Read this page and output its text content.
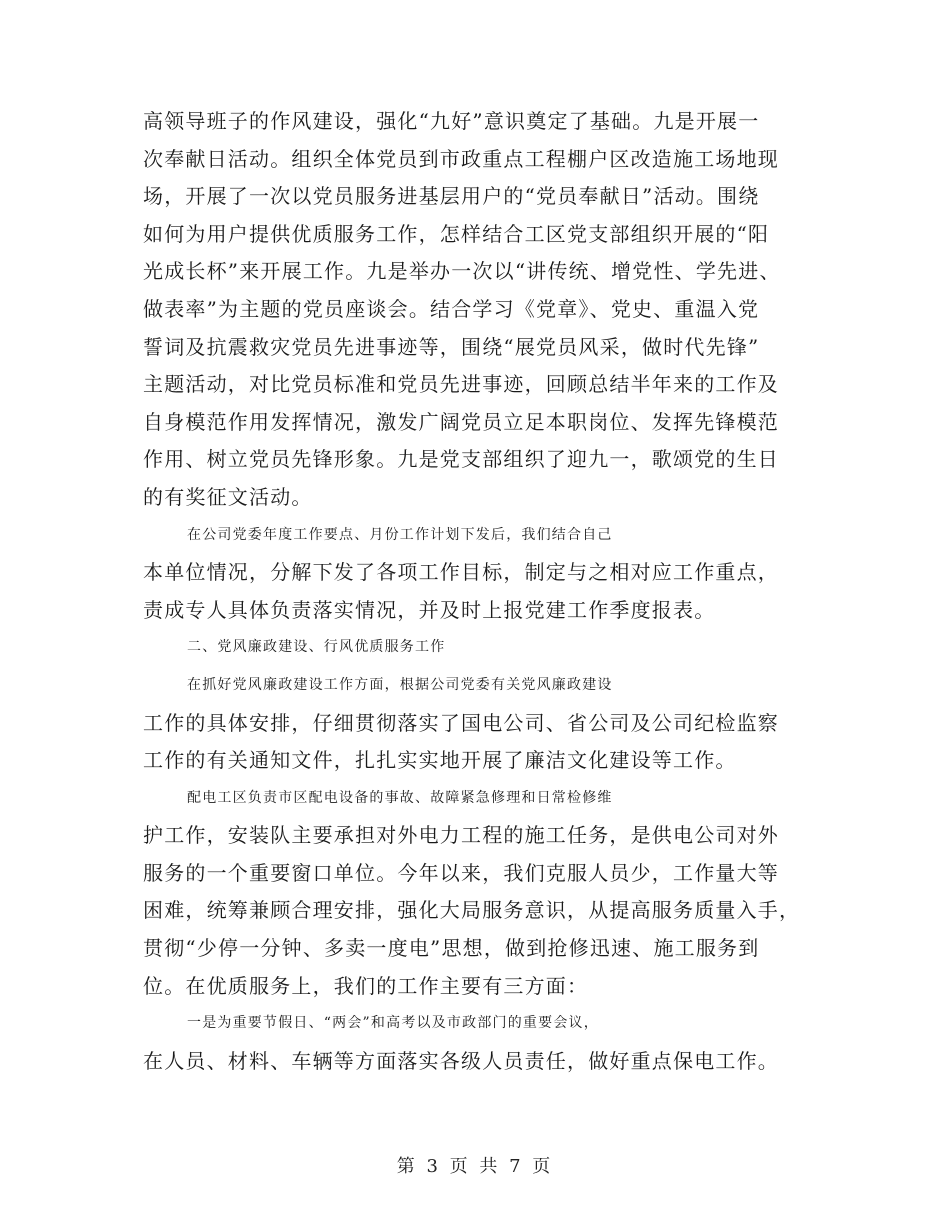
高领导班子的作风建设，强化“九好”意识奠定了基础。九是开展一
次奉献日活动。组织全体党员到市政重点工程棚户区改造施工场地现
场，开展了一次以党员服务进基层用户的“党员奉献日”活动。围绕
如何为用户提供优质服务工作，怎样结合工区党支部组织开展的“阳
光成长杯”来开展工作。九是举办一次以“讲传统、增党性、学先进、
做表率”为主题的党员座谈会。结合学习《党章》、党史、重温入党
誓词及抗震救灾党员先进事迹等，围绕“展党员风采，做时代先锋”
主题活动，对比党员标准和党员先进事迹，回顾总结半年来的工作及
自身模范作用发挥情况，激发广阔党员立足本职岗位、发挥先锋模范
作用、树立党员先锋形象。九是党支部组织了迎九一，歌颂党的生日
的有奖征文活动。
在公司党委年度工作要点、月份工作计划下发后，我们结合自己
本单位情况，分解下发了各项工作目标，制定与之相对应工作重点，
责成专人具体负责落实情况，并及时上报党建工作季度报表。
二、党风廉政建设、行风优质服务工作
在抓好党风廉政建设工作方面，根据公司党委有关党风廉政建设
工作的具体安排，仔细贯彻落实了国电公司、省公司及公司纪检监察
工作的有关通知文件，扎扎实实地开展了廉洁文化建设等工作。
配电工区负责市区配电设备的事故、故障紧急修理和日常检修维
护工作，安装队主要承担对外电力工程的施工任务，是供电公司对外
服务的一个重要窗口单位。今年以来，我们克服人员少，工作量大等
困难，统筹兼顾合理安排，强化大局服务意识，从提高服务质量入手，
贯彻“少停一分钟、多卖一度电”思想，做到抢修迅速、施工服务到
位。在优质服务上，我们的工作主要有三方面：
一是为重要节假日、“两会”和高考以及市政部门的重要会议，
在人员、材料、车辆等方面落实各级人员责任，做好重点保电工作。

第 3 页 共 7 页
